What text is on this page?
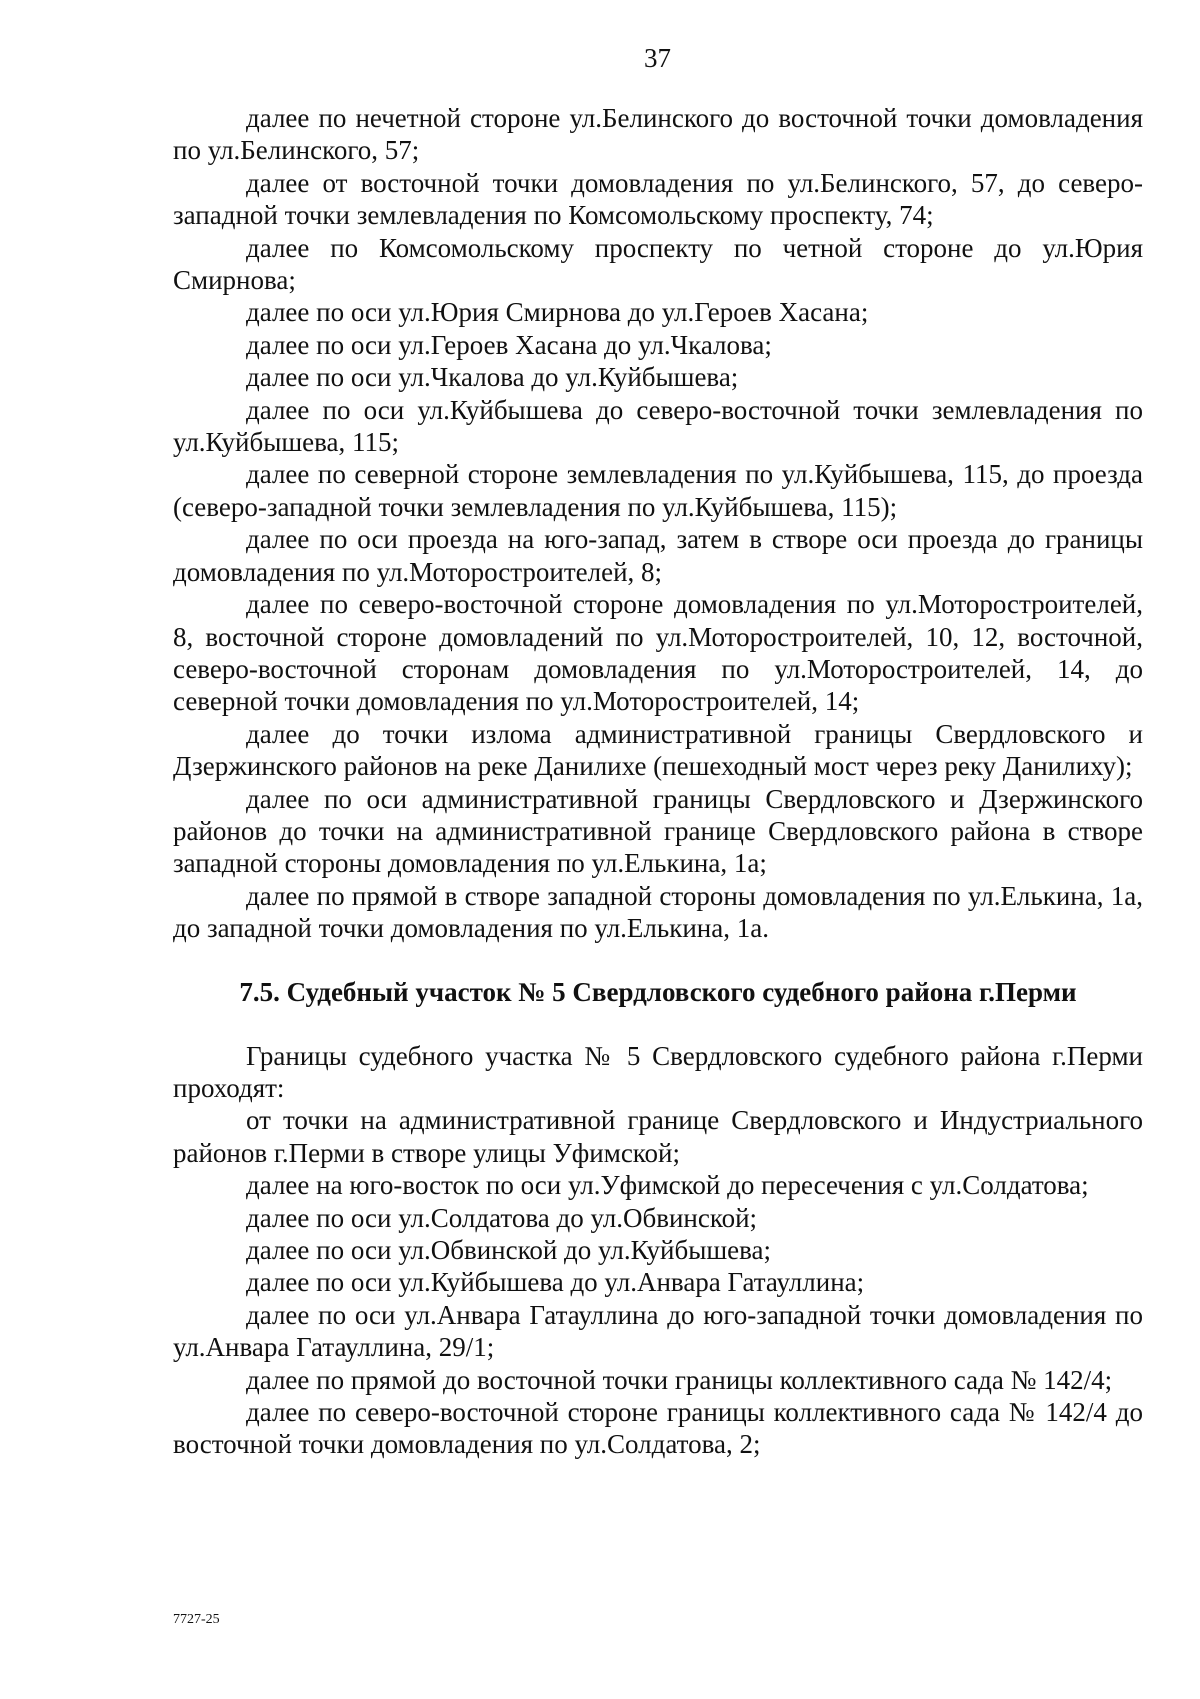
37

далее по нечетной стороне ул.Белинского до восточной точки домовладения по ул.Белинского, 57;

далее от восточной точки домовладения по ул.Белинского, 57, до северо-западной точки землевладения по Комсомольскому проспекту, 74;

далее по Комсомольскому проспекту по четной стороне до ул.Юрия Смирнова;

далее по оси ул.Юрия Смирнова до ул.Героев Хасана;

далее по оси ул.Героев Хасана до ул.Чкалова;

далее по оси ул.Чкалова до ул.Куйбышева;

далее по оси ул.Куйбышева до северо-восточной точки землевладения по ул.Куйбышева, 115;

далее по северной стороне землевладения по ул.Куйбышева, 115, до проезда (северо-западной точки землевладения по ул.Куйбышева, 115);

далее по оси проезда на юго-запад, затем в створе оси проезда до границы домовладения по ул.Моторостроителей, 8;

далее по северо-восточной стороне домовладения по ул.Моторостроителей, 8, восточной стороне домовладений по ул.Моторостроителей, 10, 12, восточной, северо-восточной сторонам домовладения по ул.Моторостроителей, 14, до северной точки домовладения по ул.Моторостроителей, 14;

далее до точки излома административной границы Свердловского и Дзержинского районов на реке Данилихе (пешеходный мост через реку Данилиху);

далее по оси административной границы Свердловского и Дзержинского районов до точки на административной границе Свердловского района в створе западной стороны домовладения по ул.Елькина, 1а;

далее по прямой в створе западной стороны домовладения по ул.Елькина, 1а, до западной точки домовладения по ул.Елькина, 1а.

7.5. Судебный участок № 5 Свердловского судебного района г.Перми

Границы судебного участка № 5 Свердловского судебного района г.Перми проходят:

от точки на административной границе Свердловского и Индустриального районов г.Перми в створе улицы Уфимской;

далее на юго-восток по оси ул.Уфимской до пересечения с ул.Солдатова;

далее по оси ул.Солдатова до ул.Обвинской;

далее по оси ул.Обвинской до ул.Куйбышева;

далее по оси ул.Куйбышева до ул.Анвара Гатауллина;

далее по оси ул.Анвара Гатауллина до юго-западной точки домовладения по ул.Анвара Гатауллина, 29/1;

далее по прямой до восточной точки границы коллективного сада № 142/4;

далее по северо-восточной стороне границы коллективного сада № 142/4 до восточной точки домовладения по ул.Солдатова, 2;

7727-25
